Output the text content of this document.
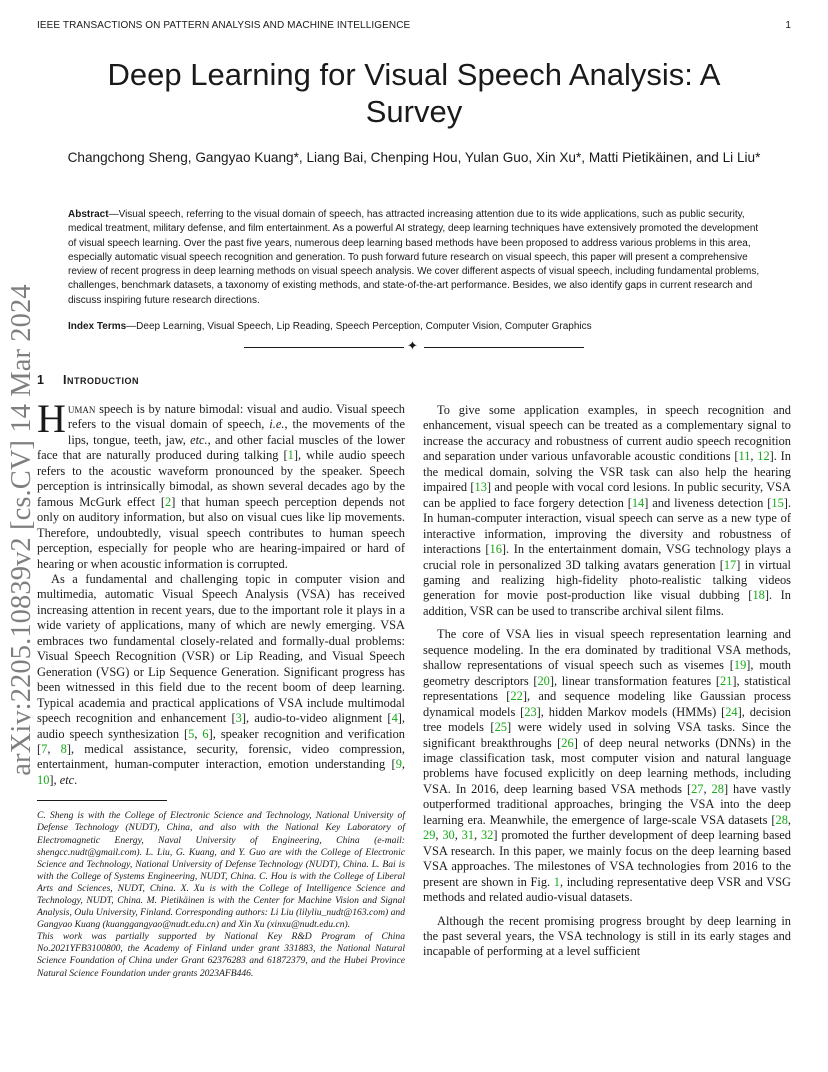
IEEE TRANSACTIONS ON PATTERN ANALYSIS AND MACHINE INTELLIGENCE	1
arXiv:2205.10839v2 [cs.CV] 14 Mar 2024
Deep Learning for Visual Speech Analysis: A Survey
Changchong Sheng, Gangyao Kuang*, Liang Bai, Chenping Hou, Yulan Guo, Xin Xu*, Matti Pietikäinen, and Li Liu*
Abstract—Visual speech, referring to the visual domain of speech, has attracted increasing attention due to its wide applications, such as public security, medical treatment, military defense, and film entertainment. As a powerful AI strategy, deep learning techniques have extensively promoted the development of visual speech learning. Over the past five years, numerous deep learning based methods have been proposed to address various problems in this area, especially automatic visual speech recognition and generation. To push forward future research on visual speech, this paper will present a comprehensive review of recent progress in deep learning methods on visual speech analysis. We cover different aspects of visual speech, including fundamental problems, challenges, benchmark datasets, a taxonomy of existing methods, and state-of-the-art performance. Besides, we also identify gaps in current research and discuss inspiring future research directions.
Index Terms—Deep Learning, Visual Speech, Lip Reading, Speech Perception, Computer Vision, Computer Graphics
✦
1 Introduction

Human speech is by nature bimodal: visual and audio. Visual speech refers to the visual domain of speech, i.e., the movements of the lips, tongue, teeth, jaw, etc., and other facial muscles of the lower face that are naturally produced during talking [1], while audio speech refers to the acoustic waveform pronounced by the speaker. Speech perception is intrinsically bimodal, as shown several decades ago by the famous McGurk effect [2] that human speech perception depends not only on auditory information, but also on visual cues like lip movements. Therefore, undoubtedly, visual speech contributes to human speech perception, especially for people who are hearing-impaired or hard of hearing or when acoustic information is corrupted.

As a fundamental and challenging topic in computer vision and multimedia, automatic Visual Speech Analysis (VSA) has received increasing attention in recent years, due to the important role it plays in a wide variety of applications, many of which are newly emerging. VSA embraces two fundamental closely-related and formally-dual problems: Visual Speech Recognition (VSR) or Lip Reading, and Visual Speech Generation (VSG) or Lip Sequence Generation. Significant progress has been witnessed in this field due to the recent boom of deep learning. Typical academia and practical applications of VSA include multimodal speech recognition and enhancement [3], audio-to-video alignment [4], audio speech synthesization [5, 6], speaker recognition and verification [7, 8], medical assistance, security, forensic, video compression, entertainment, human-computer interaction, emotion understanding [9, 10], etc.

C. Sheng is with the College of Electronic Science and Technology, National University of Defense Technology (NUDT), China, and also with the National Key Laboratory of Electromagnetic Energy, Naval University of Engineering, China (e-mail: shengcc.nudt@gmail.com). L. Liu, G. Kuang, and Y. Guo are with the College of Electronic Science and Technology, National University of Defense Technology (NUDT), China. L. Bai is with the College of Systems Engineering, NUDT, China. C. Hou is with the College of Liberal Arts and Sciences, NUDT, China. X. Xu is with the College of Intelligence Science and Technology, NUDT, China. M. Pietikäinen is with the Center for Machine Vision and Signal Analysis, Oulu University, Finland. Corresponding authors: Li Liu (lilyliu_nudt@163.com) and Gangyao Kuang (kuanggangyao@nudt.edu.cn) and Xin Xu (xinxu@nudt.edu.cn).

This work was partially supported by National Key R&D Program of China No.2021YFB3100800, the Academy of Finland under grant 331883, the National Natural Science Foundation of China under Grant 62376283 and 61872379, and the Hubei Province Natural Science Foundation under grants 2023AFB446.

To give some application examples, in speech recognition and enhancement, visual speech can be treated as a complementary signal to increase the accuracy and robustness of current audio speech recognition and separation under various unfavorable acoustic conditions [11, 12]. In the medical domain, solving the VSR task can also help the hearing impaired [13] and people with vocal cord lesions. In public security, VSA can be applied to face forgery detection [14] and liveness detection [15]. In human-computer interaction, visual speech can serve as a new type of interactive information, improving the diversity and robustness of interactions [16]. In the entertainment domain, VSG technology plays a crucial role in personalized 3D talking avatars generation [17] in virtual gaming and realizing high-fidelity photo-realistic talking videos generation for movie post-production like visual dubbing [18]. In addition, VSR can be used to transcribe archival silent films.

The core of VSA lies in visual speech representation learning and sequence modeling. In the era dominated by traditional VSA methods, shallow representations of visual speech such as visemes [19], mouth geometry descriptors [20], linear transformation features [21], statistical representations [22], and sequence modeling like Gaussian process dynamical models [23], hidden Markov models (HMMs) [24], decision tree models [25] were widely used in solving VSA tasks. Since the significant breakthroughs [26] of deep neural networks (DNNs) in the image classification task, most computer vision and natural language problems have focused explicitly on deep learning methods, including VSA. In 2016, deep learning based VSA methods [27, 28] have vastly outperformed traditional approaches, bringing the VSA into the deep learning era. Meanwhile, the emergence of large-scale VSA datasets [28, 29, 30, 31, 32] promoted the further development of deep learning based VSA research. In this paper, we mainly focus on the deep learning based VSA approaches. The milestones of VSA technologies from 2016 to the present are shown in Fig. 1, including representative deep VSR and VSG methods and related audio-visual datasets.

Although the recent promising progress brought by deep learning in the past several years, the VSA technology is still in its early stages and incapable of performing at a level sufficient
